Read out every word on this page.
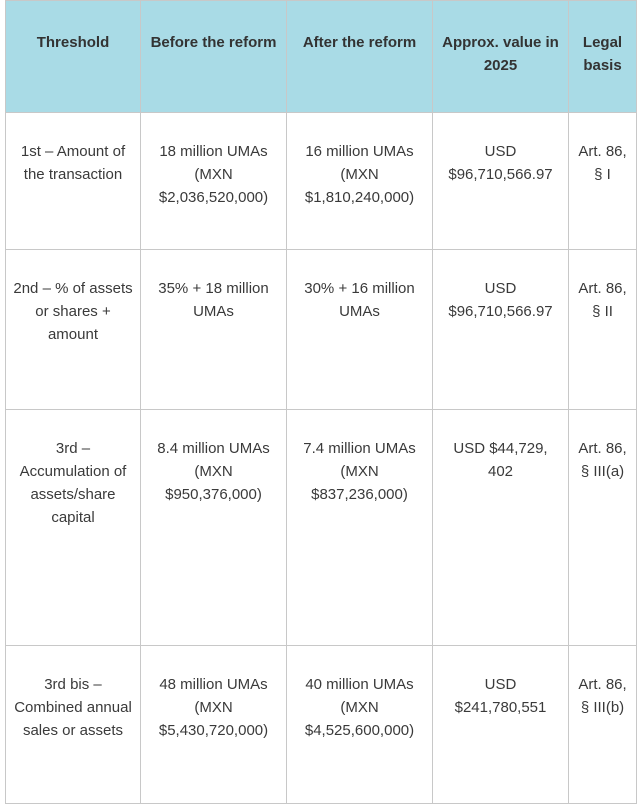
Threshold	Before the reform	After the reform	Approx. value in 2025	Legal basis
1st – Amount of the transaction	18 million UMAs (MXN $2,036,520,000)	16 million UMAs (MXN $1,810,240,000)	USD $96,710,566.97	Art. 86, § I
2nd – % of assets or shares + amount	35% + 18 million UMAs	30% + 16 million UMAs	USD $96,710,566.97	Art. 86, § II
3rd – Accumulation of assets/share capital	8.4 million UMAs (MXN $950,376,000)	7.4 million UMAs (MXN $837,236,000)	USD $44,729, 402	Art. 86, § III(a)
3rd bis – Combined annual sales or assets	48 million UMAs (MXN $5,430,720,000)	40 million UMAs (MXN $4,525,600,000)	USD $241,780,551	Art. 86, § III(b)
